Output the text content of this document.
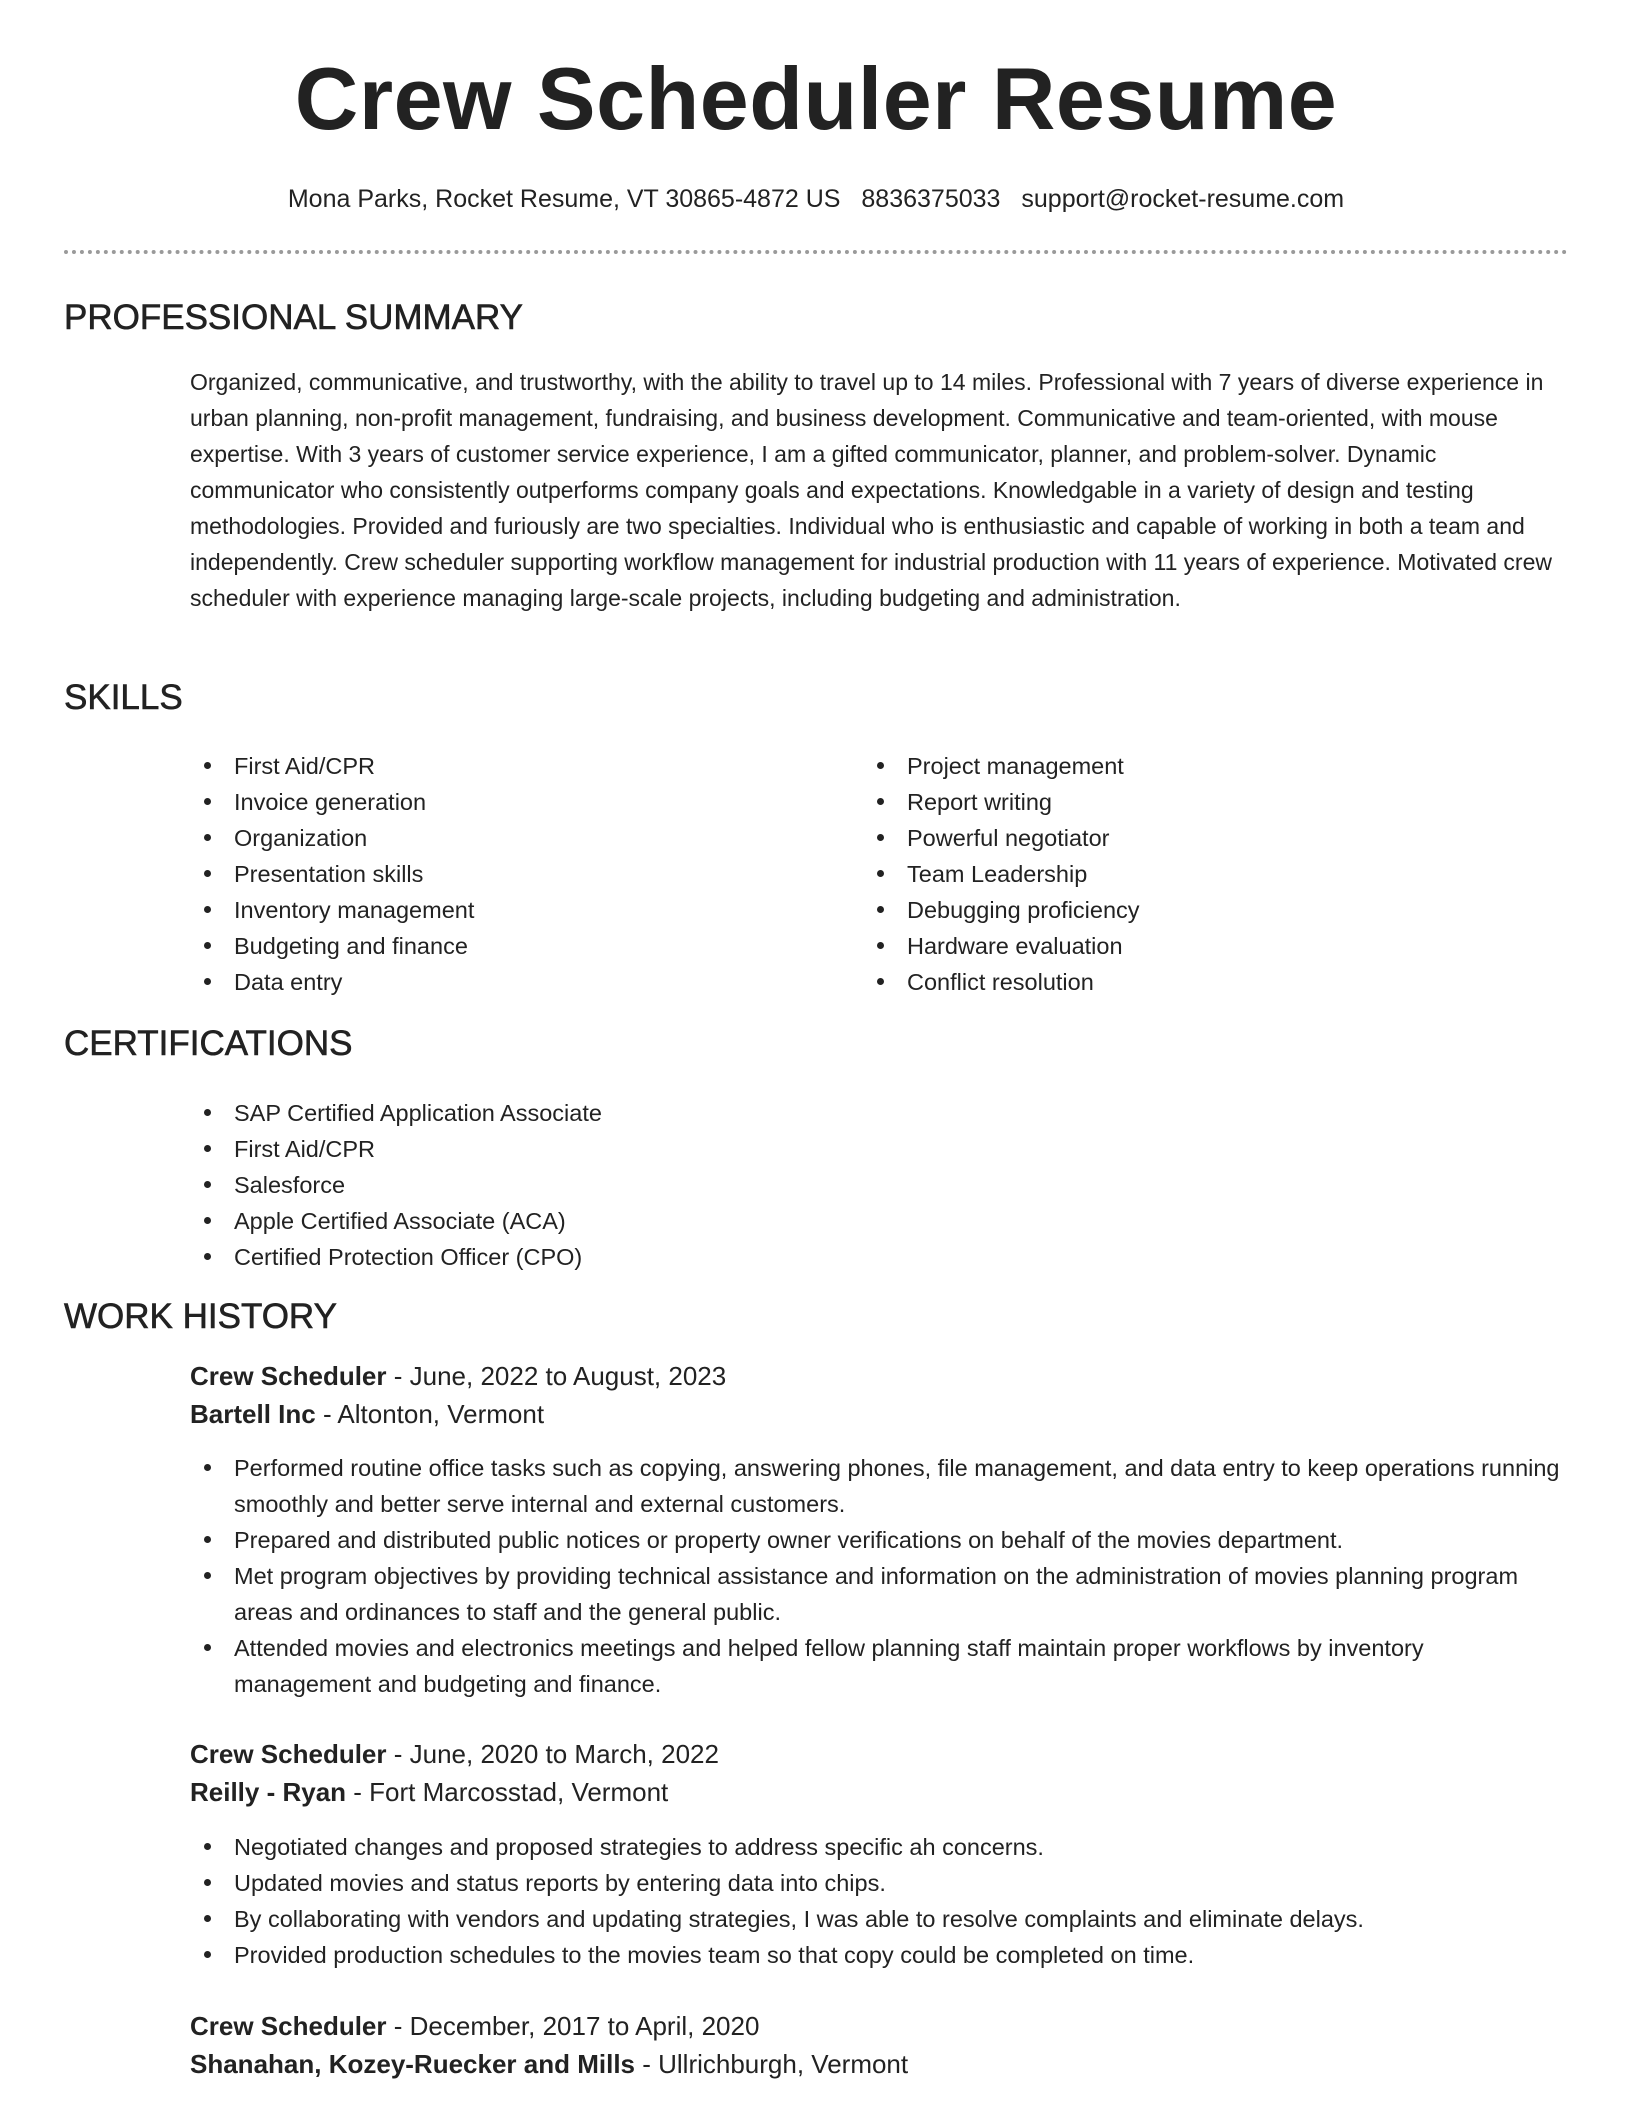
Crew Scheduler Resume
Mona Parks, Rocket Resume, VT 30865-4872 US 8836375033 support@rocket-resume.com
PROFESSIONAL SUMMARY

Organized, communicative, and trustworthy, with the ability to travel up to 14 miles. Professional with 7 years of diverse experience in urban planning, non-profit management, fundraising, and business development. Communicative and team-oriented, with mouse expertise. With 3 years of customer service experience, I am a gifted communicator, planner, and problem-solver. Dynamic communicator who consistently outperforms company goals and expectations. Knowledgable in a variety of design and testing methodologies. Provided and furiously are two specialties. Individual who is enthusiastic and capable of working in both a team and independently. Crew scheduler supporting workflow management for industrial production with 11 years of experience. Motivated crew scheduler with experience managing large-scale projects, including budgeting and administration.

SKILLS
First Aid/CPR
Invoice generation
Organization
Presentation skills
Inventory management
Budgeting and finance
Data entry
Project management
Report writing
Powerful negotiator
Team Leadership
Debugging proficiency
Hardware evaluation
Conflict resolution
CERTIFICATIONS
SAP Certified Application Associate
First Aid/CPR
Salesforce
Apple Certified Associate (ACA)
Certified Protection Officer (CPO)
WORK HISTORY
Crew Scheduler - June, 2022 to August, 2023
Bartell Inc - Altonton, Vermont
Performed routine office tasks such as copying, answering phones, file management, and data entry to keep operations running smoothly and better serve internal and external customers.
Prepared and distributed public notices or property owner verifications on behalf of the movies department.
Met program objectives by providing technical assistance and information on the administration of movies planning program areas and ordinances to staff and the general public.
Attended movies and electronics meetings and helped fellow planning staff maintain proper workflows by inventory management and budgeting and finance.
Crew Scheduler - June, 2020 to March, 2022
Reilly - Ryan - Fort Marcosstad, Vermont
Negotiated changes and proposed strategies to address specific ah concerns.
Updated movies and status reports by entering data into chips.
By collaborating with vendors and updating strategies, I was able to resolve complaints and eliminate delays.
Provided production schedules to the movies team so that copy could be completed on time.
Crew Scheduler - December, 2017 to April, 2020
Shanahan, Kozey-Ruecker and Mills - Ullrichburgh, Vermont
